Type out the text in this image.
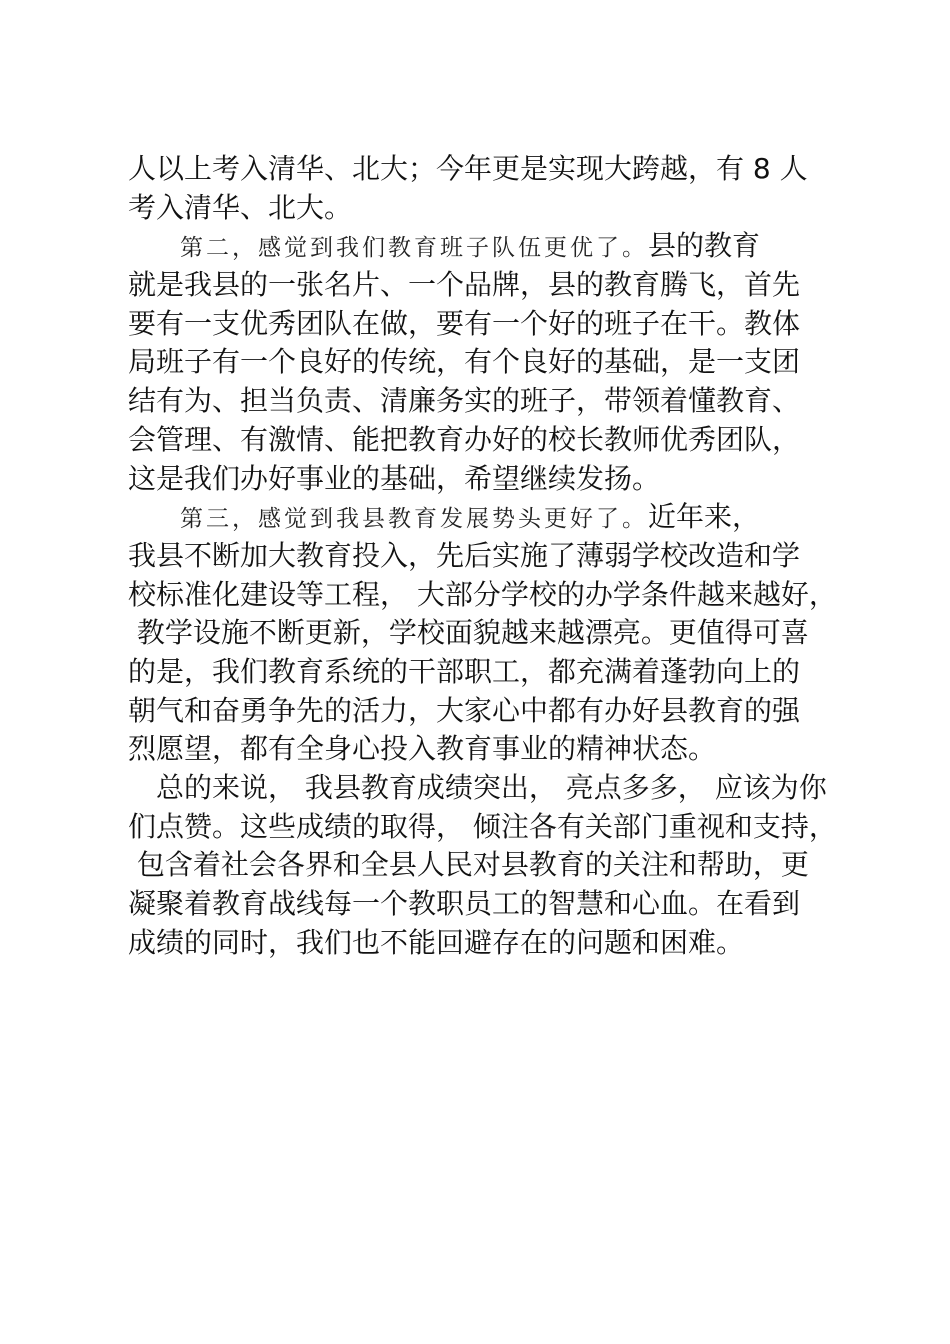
人以上考入清华、北大；今年更是实现大跨越，有 8 人
考入清华、北大。
　　第二，感觉到我们教育班子队伍更优了。县的教育
就是我县的一张名片、一个品牌，县的教育腾飞，首先
要有一支优秀团队在做，要有一个好的班子在干。教体
局班子有一个良好的传统，有个良好的基础，是一支团
结有为、担当负责、清廉务实的班子，带领着懂教育、
会管理、有激情、能把教育办好的校长教师优秀团队，
这是我们办好事业的基础，希望继续发扬。
　　第三，感觉到我县教育发展势头更好了。近年来，
我县不断加大教育投入，先后实施了薄弱学校改造和学
校标准化建设等工程， 大部分学校的办学条件越来越好，
教学设施不断更新，学校面貌越来越漂亮。更值得可喜
的是，我们教育系统的干部职工，都充满着蓬勃向上的
朝气和奋勇争先的活力，大家心中都有办好县教育的强
烈愿望，都有全身心投入教育事业的精神状态。
　总的来说， 我县教育成绩突出， 亮点多多， 应该为你
们点赞。这些成绩的取得， 倾注各有关部门重视和支持，
包含着社会各界和全县人民对县教育的关注和帮助，更
凝聚着教育战线每一个教职员工的智慧和心血。在看到
成绩的同时，我们也不能回避存在的问题和困难。
